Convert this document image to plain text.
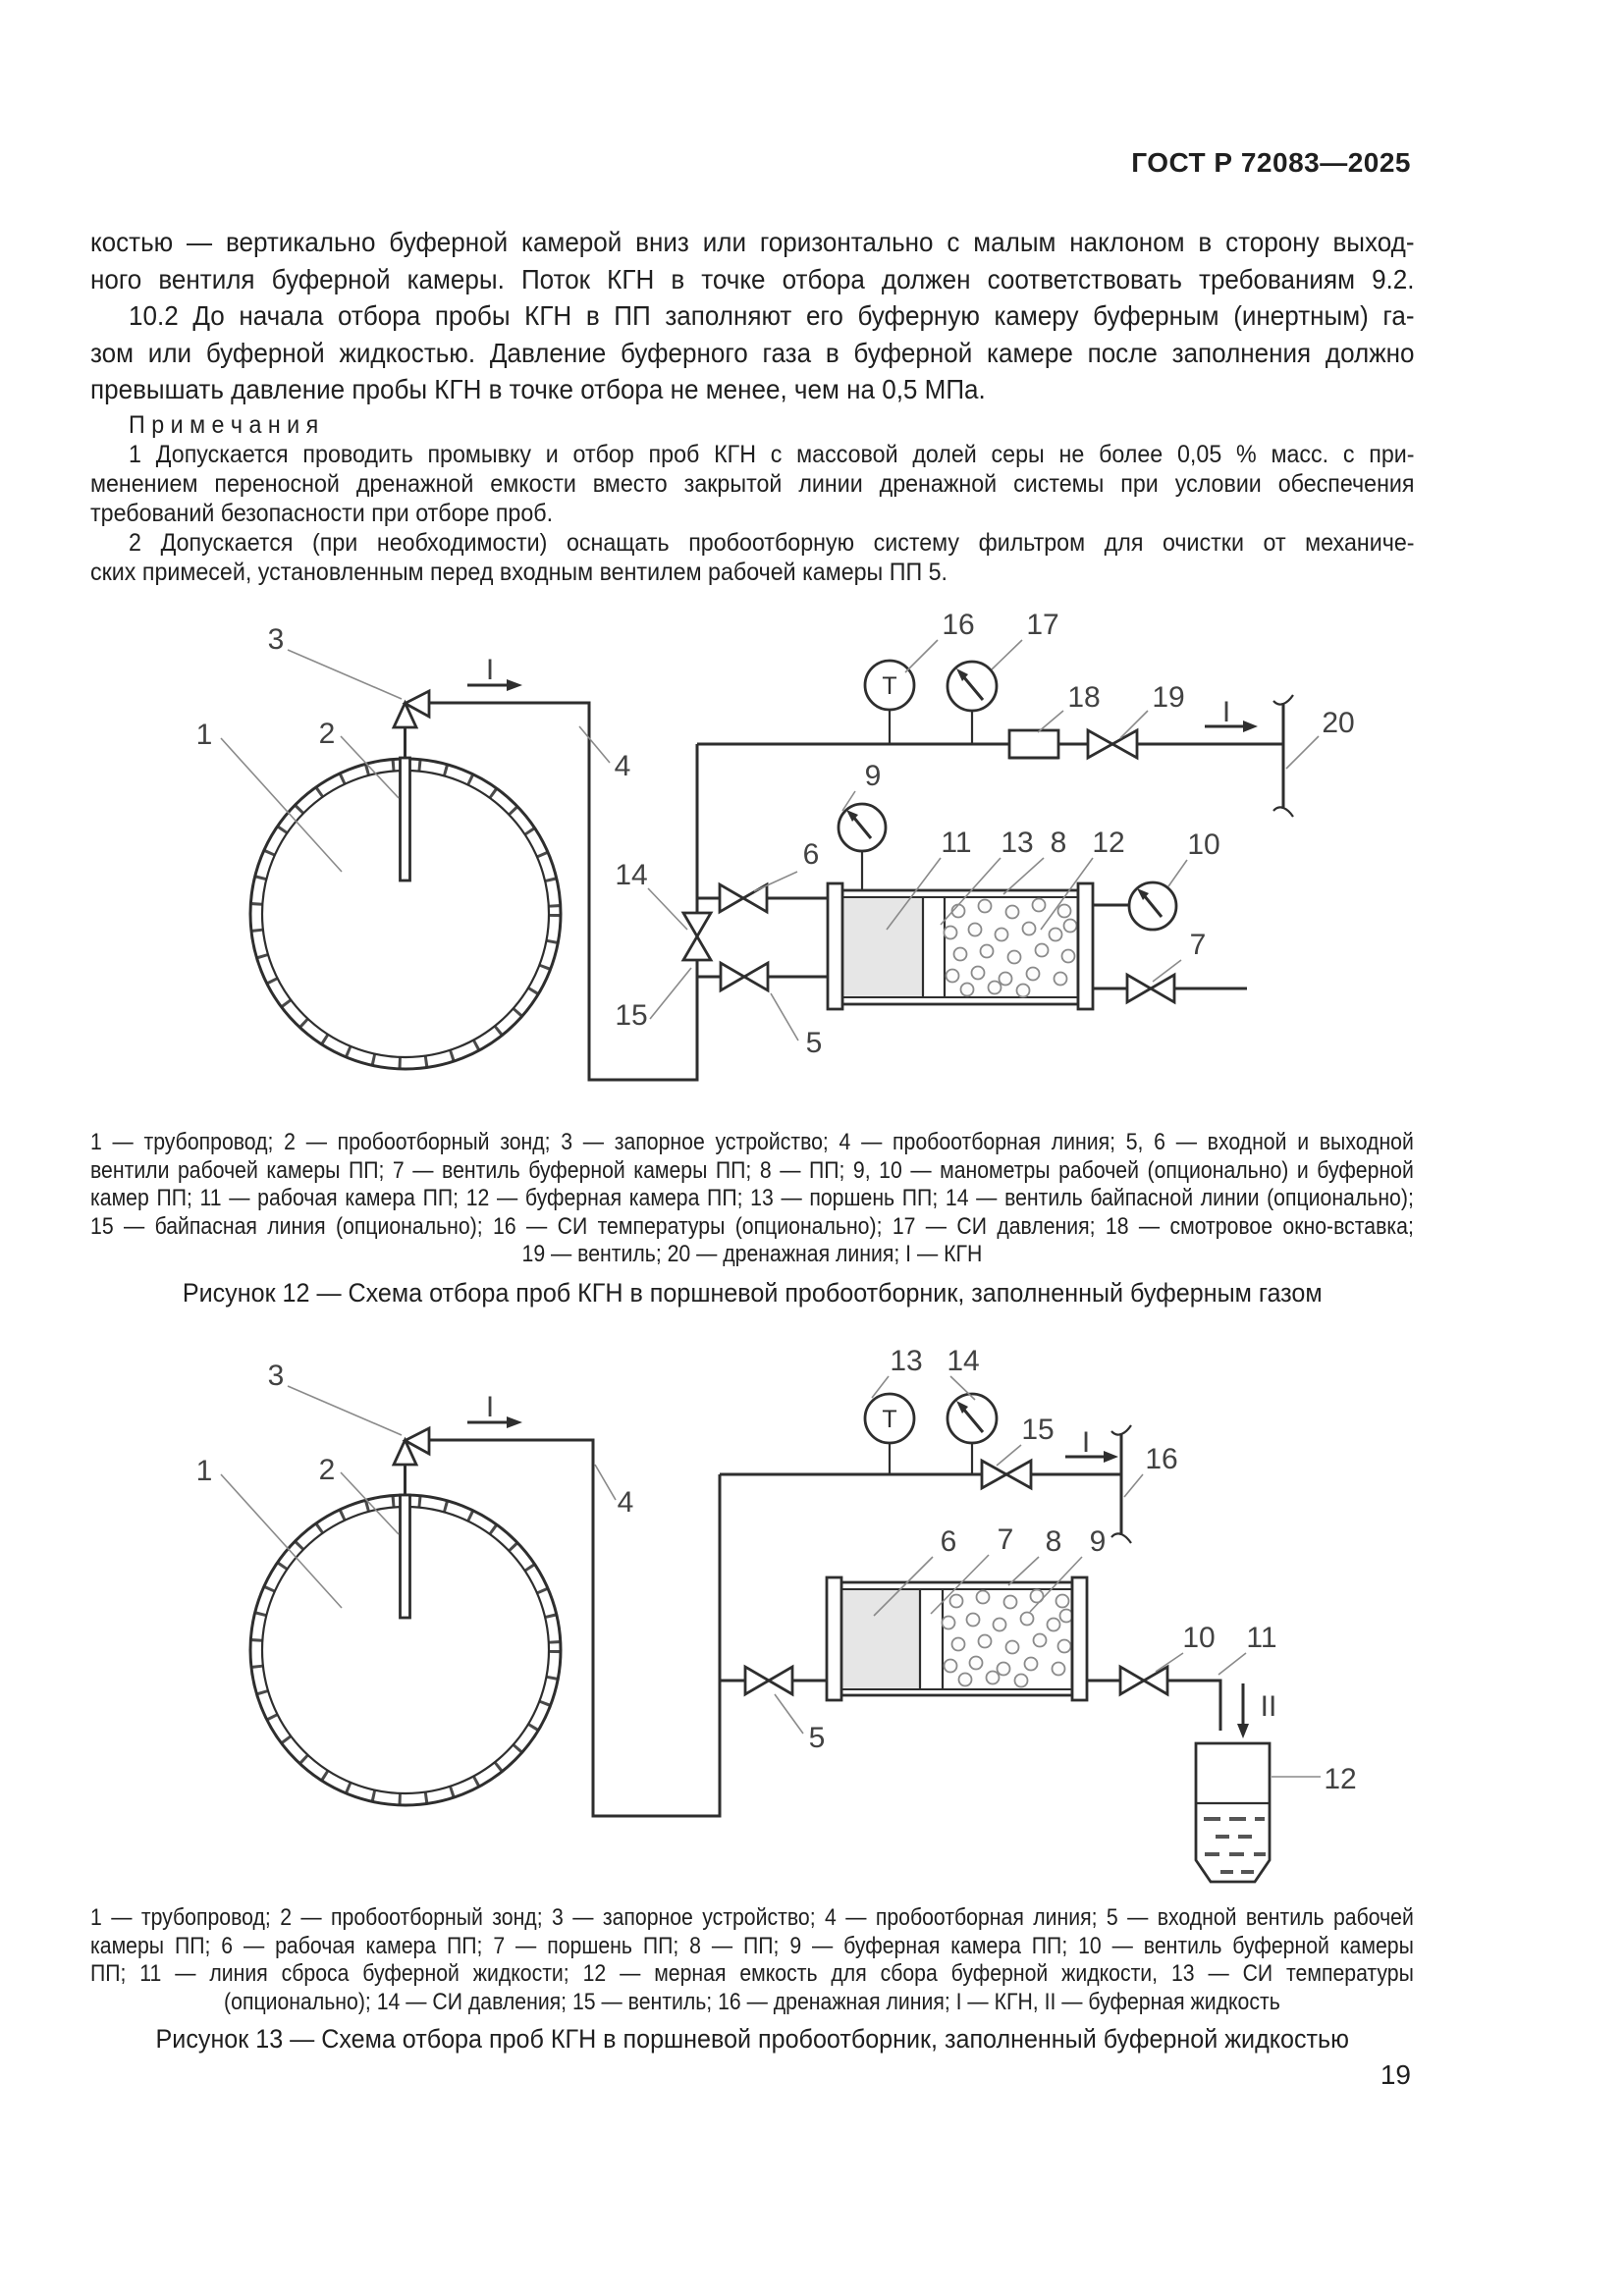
ГОСТ Р 72083—2025
костью — вертикально буферной камерой вниз или горизонтально с малым наклоном в сторону выход-
ного вентиля буферной камеры. Поток КГН в точке отбора должен соответствовать требованиям 9.2.
10.2 До начала отбора пробы КГН в ПП заполняют его буферную камеру буферным (инертным) га-
зом или буферной жидкостью. Давление буферного газа в буферной камере после заполнения должно
превышать давление пробы КГН в точке отбора не менее, чем на 0,5 МПа.
П р и м е ч а н и я
1 Допускается проводить промывку и отбор проб КГН с массовой долей серы не более 0,05 % масс. с при-
менением переносной дренажной емкости вместо закрытой линии дренажной системы при условии обеспечения
требований безопасности при отборе проб.
2 Допускается (при необходимости) оснащать пробоотборную систему фильтром для очистки от механиче-
ских примесей, установленным перед входным вентилем рабочей камеры ПП 5.
I	T
I
1	2
3
4
16 17
18 19
20
9
6
14
15
5
7
10
11 13 8 12
1 — трубопровод; 2 — пробоотборный зонд; 3 — запорное устройство; 4 — пробоотборная линия; 5, 6 — входной и выходной
вентили рабочей камеры ПП; 7 — вентиль буферной камеры ПП; 8 — ПП; 9, 10 — манометры рабочей (опционально) и буферной
камер ПП; 11 — рабочая камера ПП; 12 — буферная камера ПП; 13 — поршень ПП; 14 — вентиль байпасной линии (опционально);
15 — байпасная линия (опционально); 16 — СИ температуры (опционально); 17 — СИ давления; 18 — смотровое окно-вставка;
19 — вентиль; 20 — дренажная линия; I — КГН
Рисунок 12 — Схема отбора проб КГН в поршневой пробоотборник, заполненный буферным газом
I	T
I
II
1	2
3
4
13 14
15
16
5
6 7 8 9
10 11
12
1 — трубопровод; 2 — пробоотборный зонд; 3 — запорное устройство; 4 — пробоотборная линия; 5 — входной вентиль рабочей
камеры ПП; 6 — рабочая камера ПП; 7 — поршень ПП; 8 — ПП; 9 — буферная камера ПП; 10 — вентиль буферной камеры
ПП; 11 — линия сброса буферной жидкости; 12 — мерная емкость для сбора буферной жидкости, 13 — СИ температуры
(опционально); 14 — СИ давления; 15 — вентиль; 16 — дренажная линия; I — КГН, II — буферная жидкость
Рисунок 13 — Схема отбора проб КГН в поршневой пробоотборник, заполненный буферной жидкостью
19
